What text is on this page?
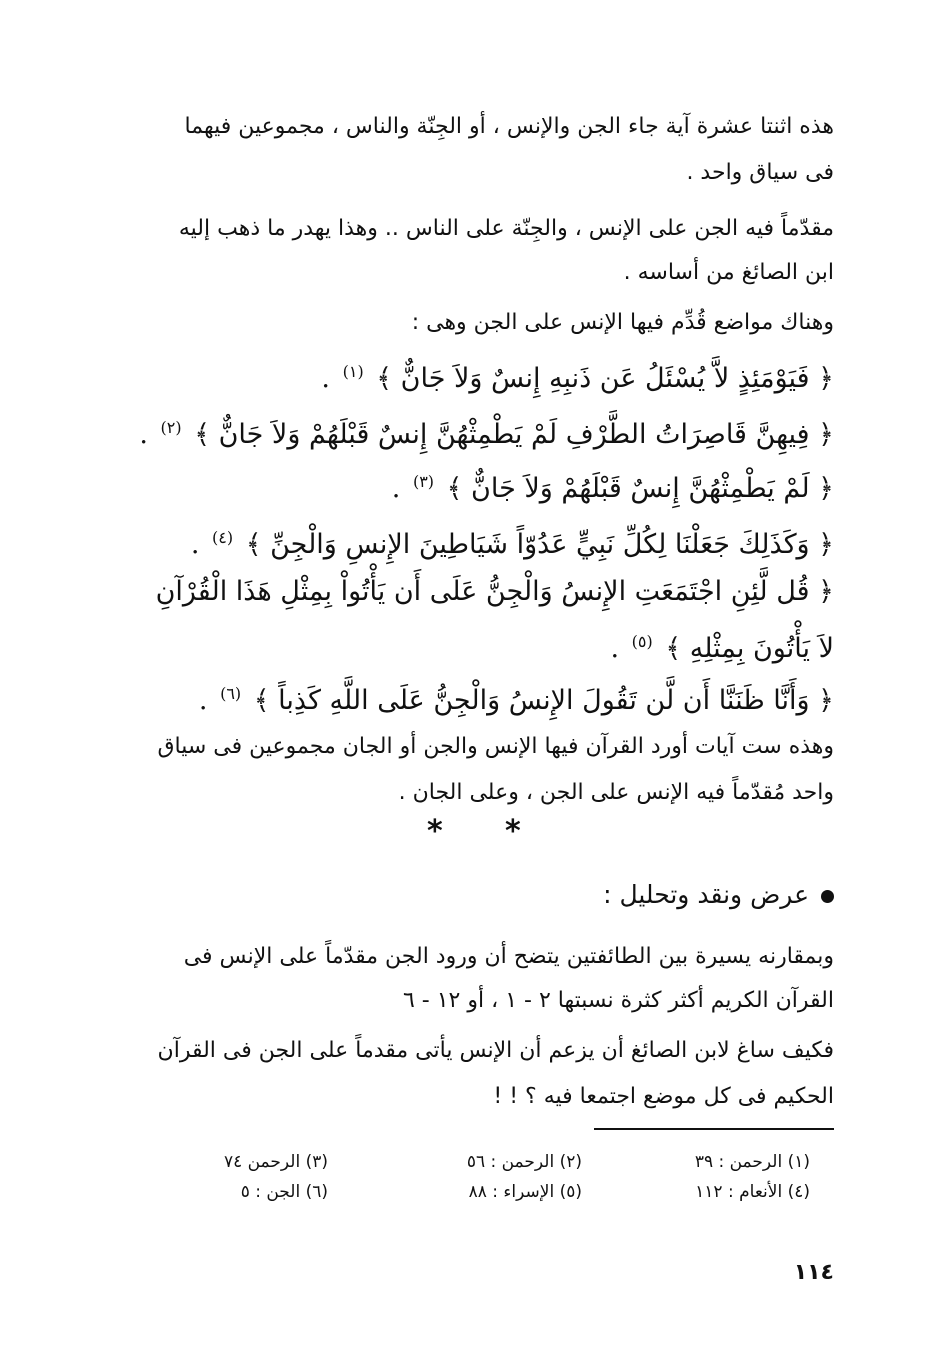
هذه اثنتا عشرة آية جاء الجن والإنس ، أو الجِنّة والناس ، مجموعين فيهما
فى سياق واحد .
مقدّماً فيه الجن على الإنس ، والجِنّة على الناس .. وهذا يهدر ما ذهب إليه
ابن الصائغ من أساسه .
وهناك مواضع قُدِّم فيها الإنس على الجن وهى :
﴿ فَيَوْمَئِذٍ لاَّ يُسْئَلُ عَن ذَنبِهِ إِنسٌ وَلاَ جَانٌّ ﴾ $^{(١)}$ .
﴿ فِيهِنَّ قَاصِرَاتُ الطَّرْفِ لَمْ يَطْمِثْهُنَّ إِنسٌ قَبْلَهُمْ وَلاَ جَانٌّ ﴾ $^{(٢)}$ .
﴿ لَمْ يَطْمِثْهُنَّ إِنسٌ قَبْلَهُمْ وَلاَ جَانٌّ ﴾ $^{(٣)}$ .
﴿ وَكَذَلِكَ جَعَلْنَا لِكُلِّ نَبِيٍّ عَدُوّاً شَيَاطِينَ الإِنسِ وَالْجِنِّ ﴾ $^{(٤)}$ .
﴿ قُل لَّئِنِ اجْتَمَعَتِ الإِنسُ وَالْجِنُّ عَلَى أَن يَأْتُواْ بِمِثْلِ هَذَا الْقُرْآنِ
لاَ يَأْتُونَ بِمِثْلِهِ ﴾ $^{(٥)}$ .
﴿ وَأَنَّا ظَنَنَّا أَن لَّن تَقُولَ الإِنسُ وَالْجِنُّ عَلَى اللَّهِ كَذِباً ﴾ $^{(٦)}$ .
وهذه ست آيات أورد القرآن فيها الإنس والجن أو الجان مجموعين فى سياق
واحد مُقدّماً فيه الإنس على الجن ، وعلى الجان .
* *
عرض ونقد وتحليل :
وبمقارنه يسيرة بين الطائفتين يتضح أن ورود الجن مقدّماً على الإنس فى
القرآن الكريم أكثر كثرة نسبتها ٢ - ١ ، أو ١٢ - ٦
فكيف ساغ لابن الصائغ أن يزعم أن الإنس يأتى مقدماً على الجن فى القرآن
الحكيم فى كل موضع اجتمعا فيه ؟ ! !
(١) الرحمن : ٣٩
(٢) الرحمن : ٥٦
(٣) الرحمن ٧٤
(٤) الأنعام : ١١٢
(٥) الإسراء : ٨٨
(٦) الجن : ٥
١١٤
